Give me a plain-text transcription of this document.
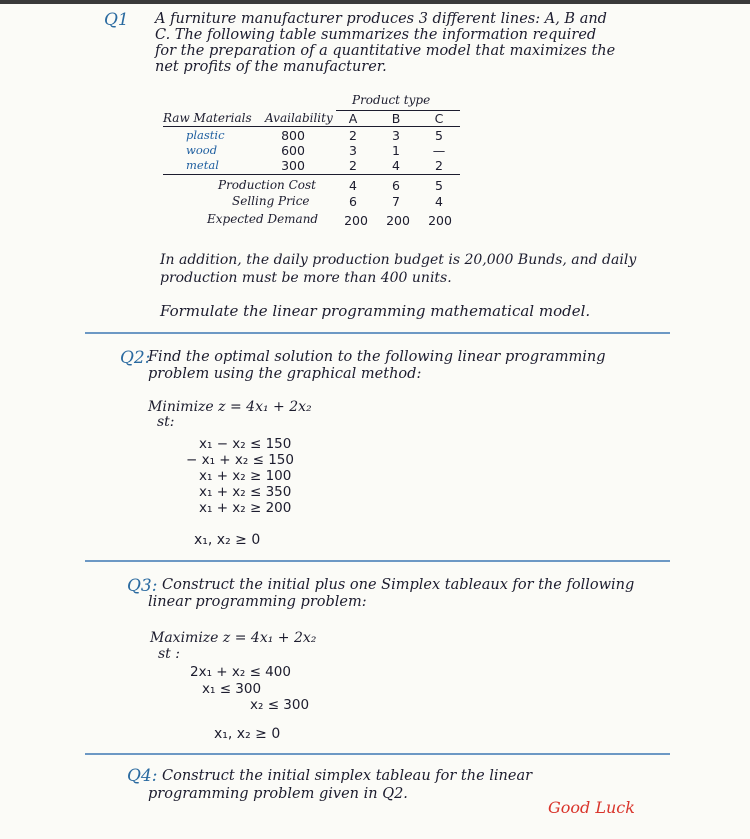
Q1 A furniture manufacturer produces 3 different lines: A, B and
C. The following table summarizes the information required
for the preparation of a quantitative model that maximizes the
net profits of the manufacturer.
Product type
Raw Materials Availability	A	B	C
plastic	800	2	3	5
wood	600	3	1	—
metal	300	2	4	2
Production Cost	4	6	5
Selling Price	6	7	4
Expected Demand	200	200	200
In addition, the daily production budget is 20,000 Bunds, and daily
production must be more than 400 units.
Formulate the linear programming mathematical model.
Q2:
Find the optimal solution to the following linear programming
problem using the graphical method:
Minimize z = 4x₁ + 2x₂
st:
x₁ − x₂ ≤ 150
− x₁ + x₂ ≤ 150
x₁ + x₂ ≥ 100
x₁ + x₂ ≤ 350
x₁ + x₂ ≥ 200
x₁, x₂ ≥ 0
Q3: Construct the initial plus one Simplex tableaux for the following
linear programming problem:
Maximize z = 4x₁ + 2x₂
st :
2x₁ + x₂ ≤ 400
x₁ ≤ 300
x₂ ≤ 300
x₁, x₂ ≥ 0
Q4: Construct the initial simplex tableau for the linear
programming problem given in Q2.
Good Luck
